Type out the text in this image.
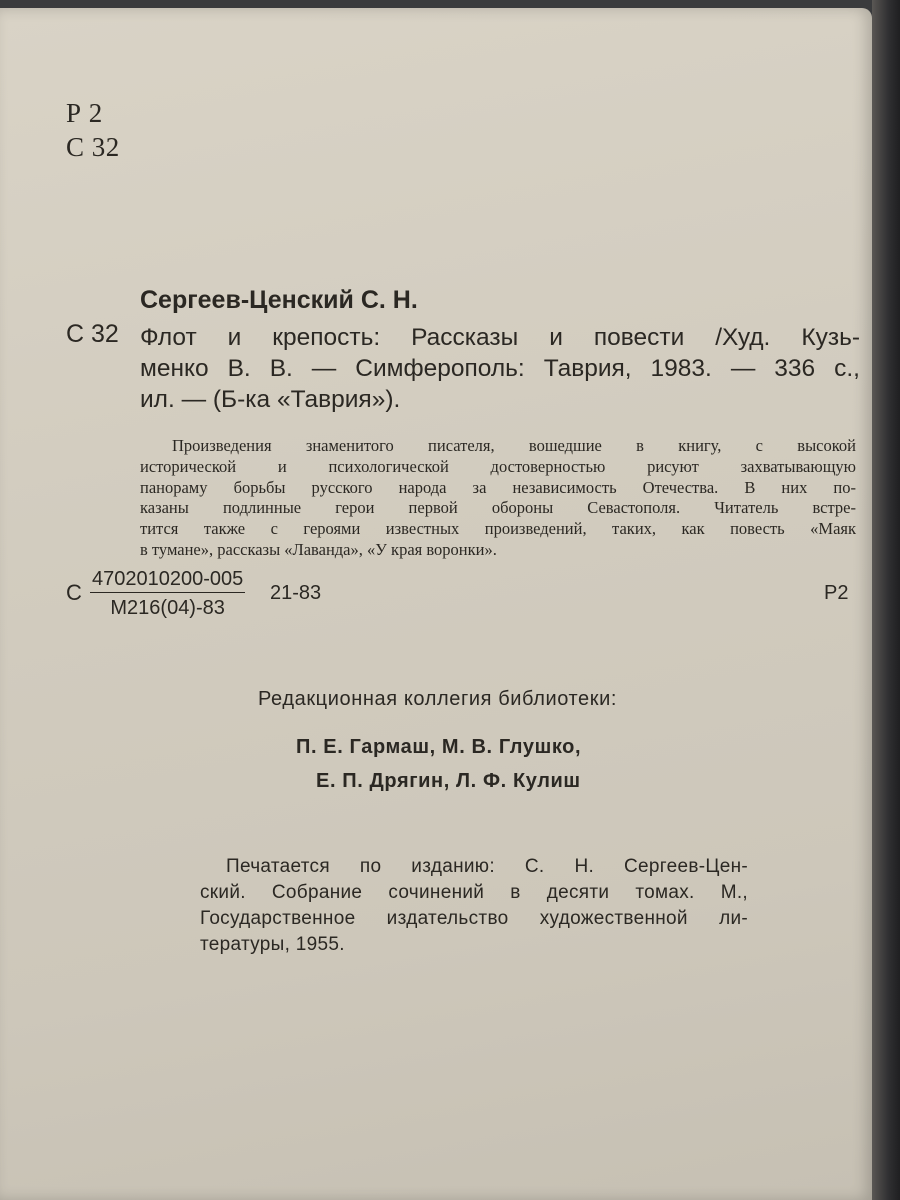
Р 2
С 32
Сергеев-Ценский С. Н.
С 32 Флот и крепость: Рассказы и повести /Худ. Кузь-
менко В. В. — Симферополь: Таврия, 1983. — 336 с.,
ил. — (Б-ка «Таврия»).
Произведения знаменитого писателя, вошедшие в книгу, с высокой
исторической и психологической достоверностью рисуют захватывающую
панораму борьбы русского народа за независимость Отечества. В них по-
казаны подлинные герои первой обороны Севастополя. Читатель встре-
тится также с героями известных произведений, таких, как повесть «Маяк
в тумане», рассказы «Лаванда», «У края воронки».
С
4702010200-005
М216(04)-83
21-83	Р2
Редакционная коллегия библиотеки:
П. Е. Гармаш, М. В. Глушко,
Е. П. Дрягин, Л. Ф. Кулиш
Печатается по изданию: С. Н. Сергеев-Цен-
ский. Собрание сочинений в десяти томах. М.,
Государственное издательство художественной ли-
тературы, 1955.
